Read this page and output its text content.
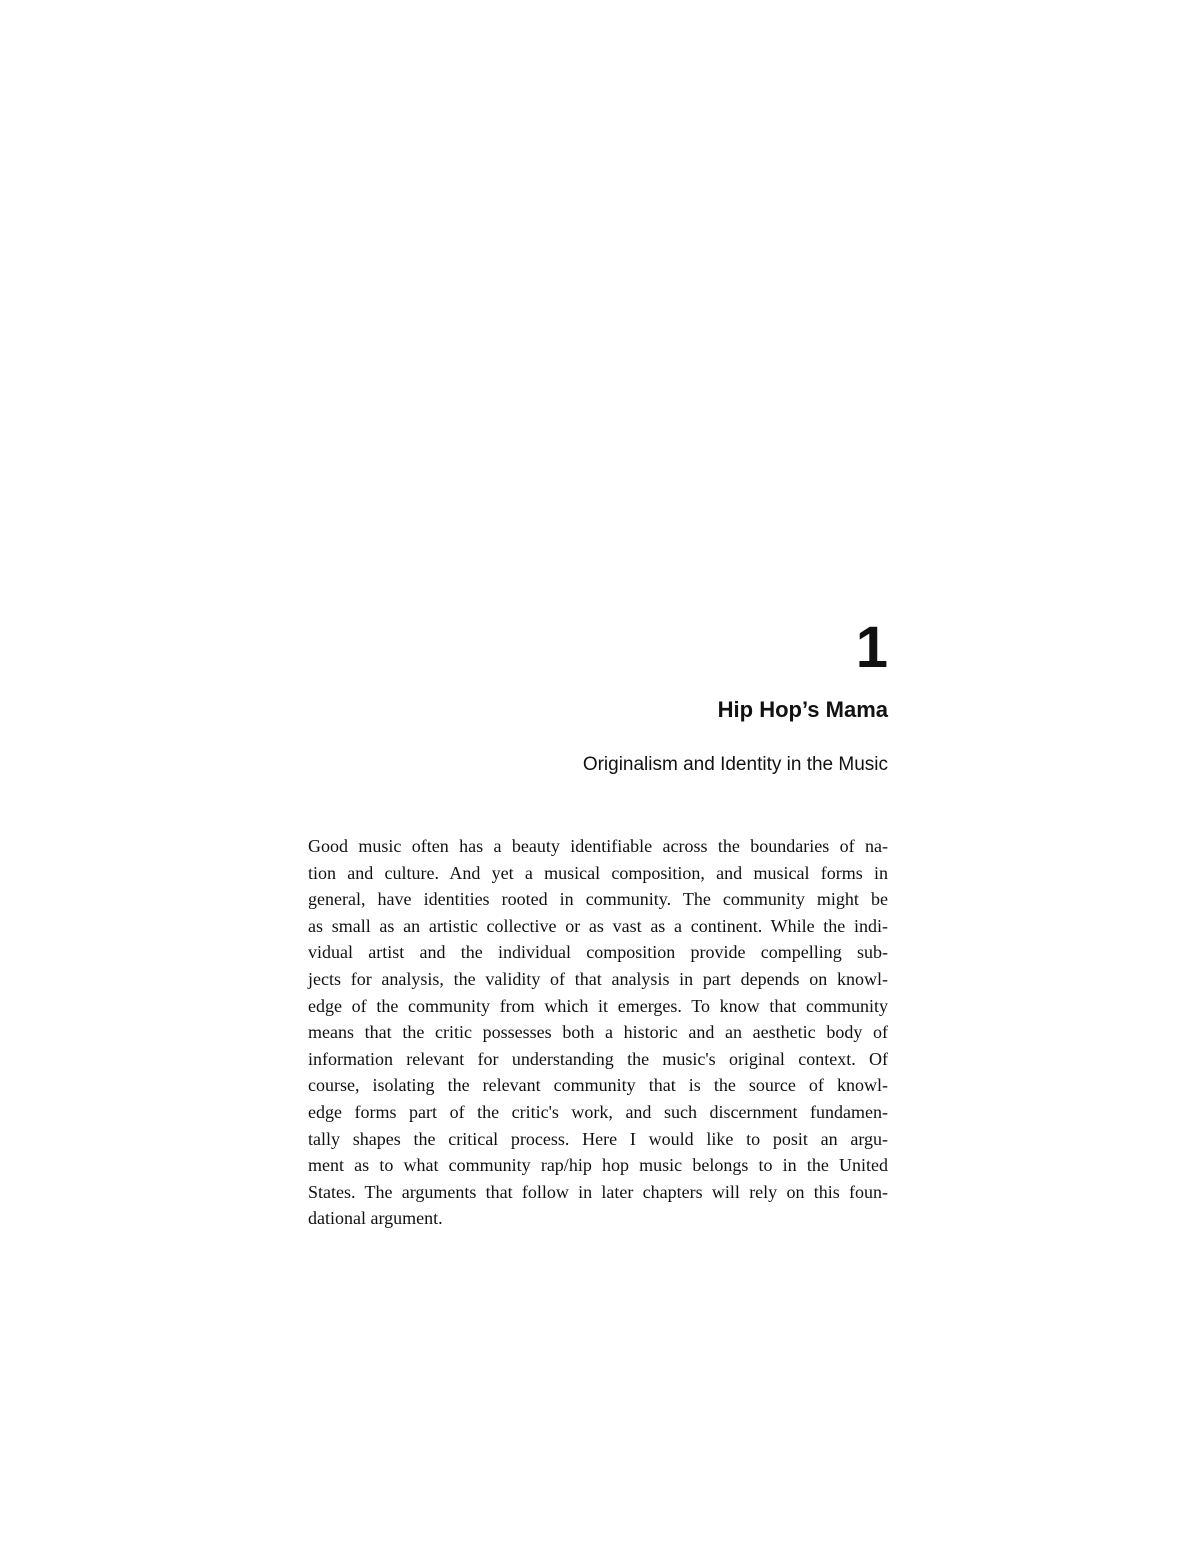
1
Hip Hop’s Mama
Originalism and Identity in the Music
Good music often has a beauty identifiable across the boundaries of na-
tion and culture. And yet a musical composition, and musical forms in
general, have identities rooted in community. The community might be
as small as an artistic collective or as vast as a continent. While the indi-
vidual artist and the individual composition provide compelling sub-
jects for analysis, the validity of that analysis in part depends on knowl-
edge of the community from which it emerges. To know that community
means that the critic possesses both a historic and an aesthetic body of
information relevant for understanding the music's original context. Of
course, isolating the relevant community that is the source of knowl-
edge forms part of the critic's work, and such discernment fundamen-
tally shapes the critical process. Here I would like to posit an argu-
ment as to what community rap/hip hop music belongs to in the United
States. The arguments that follow in later chapters will rely on this foun-
dational argument.
